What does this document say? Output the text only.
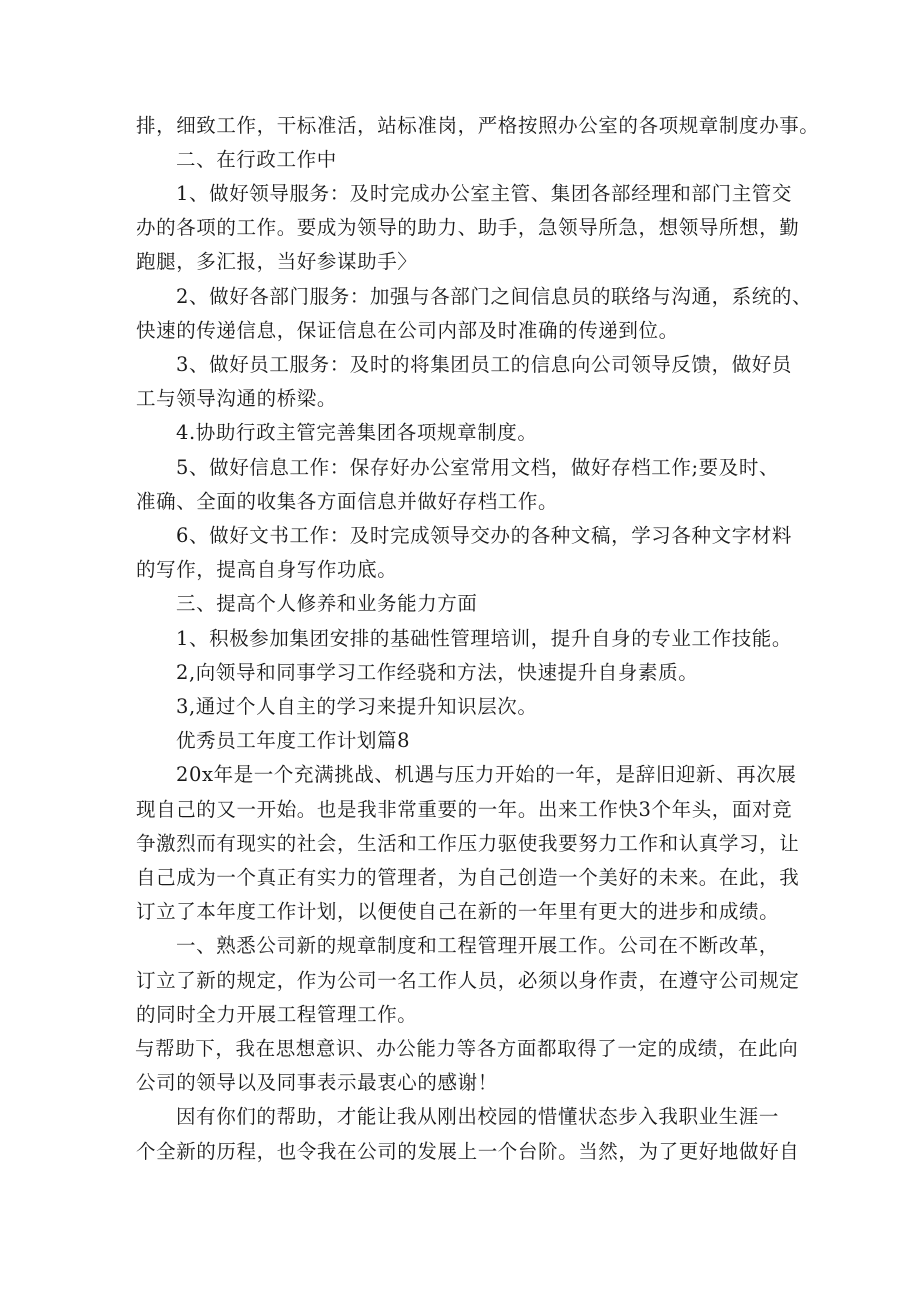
排，细致工作，干标准活，站标准岗，严格按照办公室的各项规章制度办事。
二、在行政工作中
1、做好领导服务：及时完成办公室主管、集团各部经理和部门主管交
办的各项的工作。要成为领导的助力、助手，急领导所急，想领导所想，勤
跑腿，多汇报，当好参谋助手〉
2、做好各部门服务：加强与各部门之间信息员的联络与沟通，系统的、
快速的传递信息，保证信息在公司内部及时准确的传递到位。
3、做好员工服务：及时的将集团员工的信息向公司领导反馈，做好员
工与领导沟通的桥梁。
4.协助行政主管完善集团各项规章制度。
5、做好信息工作：保存好办公室常用文档，做好存档工作;要及时、
准确、全面的收集各方面信息并做好存档工作。
6、做好文书工作：及时完成领导交办的各种文稿，学习各种文字材料
的写作，提高自身写作功底。
三、提高个人修养和业务能力方面
1、积极参加集团安排的基础性管理培训，提升自身的专业工作技能。
2,向领导和同事学习工作经骁和方法，快速提升自身素质。
3,通过个人自主的学习来提升知识层次。
优秀员工年度工作计划篇8
20x年是一个充满挑战、机遇与压力开始的一年，是辞旧迎新、再次展
现自己的又一开始。也是我非常重要的一年。出来工作快3个年头，面对竞
争激烈而有现实的社会，生活和工作压力驱使我要努力工作和认真学习，让
自己成为一个真正有实力的管理者，为自己创造一个美好的未来。在此，我
订立了本年度工作计划，以便使自己在新的一年里有更大的进步和成绩。
一、熟悉公司新的规章制度和工程管理开展工作。公司在不断改革，
订立了新的规定，作为公司一名工作人员，必须以身作责，在遵守公司规定
的同时全力开展工程管理工作。
与帮助下，我在思想意识、办公能力等各方面都取得了一定的成绩，在此向
公司的领导以及同事表示最衷心的感谢！
因有你们的帮助，才能让我从刚出校园的惜懂状态步入我职业生涯一
个全新的历程，也令我在公司的发展上一个台阶。当然，为了更好地做好自
